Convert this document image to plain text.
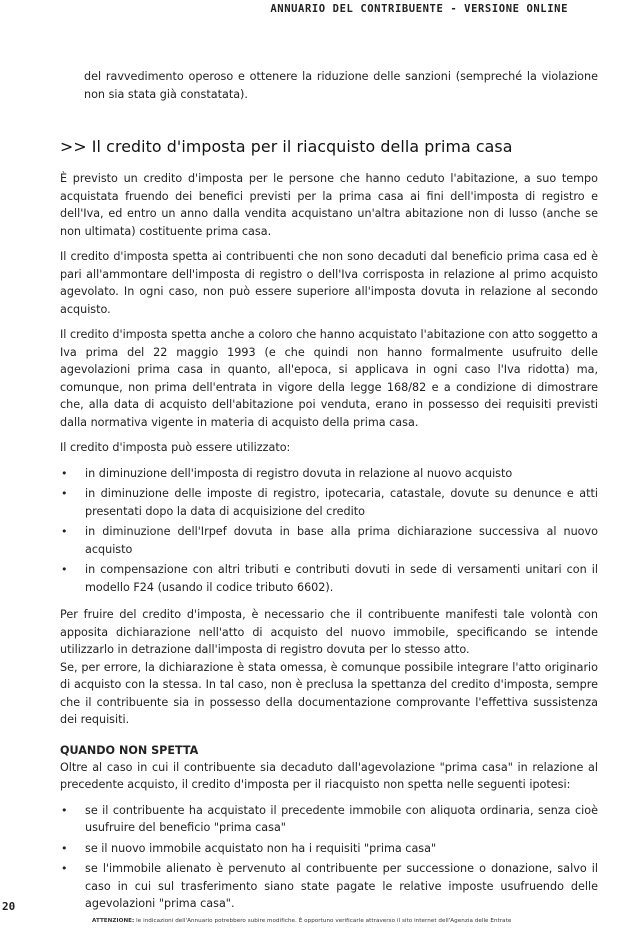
ANNUARIO DEL CONTRIBUENTE - VERSIONE ONLINE

del ravvedimento operoso e ottenere la riduzione delle sanzioni (sempreché la violazione non sia stata già constatata).

>> Il credito d'imposta per il riacquisto della prima casa

È previsto un credito d'imposta per le persone che hanno ceduto l'abitazione, a suo tempo acquistata fruendo dei benefici previsti per la prima casa ai fini dell'imposta di registro e dell'Iva, ed entro un anno dalla vendita acquistano un'altra abitazione non di lusso (anche se non ultimata) costituente prima casa.

Il credito d'imposta spetta ai contribuenti che non sono decaduti dal beneficio prima casa ed è pari all'ammontare dell'imposta di registro o dell'Iva corrisposta in relazione al primo acquisto agevolato. In ogni caso, non può essere superiore all'imposta dovuta in relazione al secondo acquisto.

Il credito d'imposta spetta anche a coloro che hanno acquistato l'abitazione con atto soggetto a Iva prima del 22 maggio 1993 (e che quindi non hanno formalmente usufruito delle agevolazioni prima casa in quanto, all'epoca, si applicava in ogni caso l'Iva ridotta) ma, comunque, non prima dell'entrata in vigore della legge 168/82 e a condizione di dimostrare che, alla data di acquisto dell'abitazione poi venduta, erano in possesso dei requisiti previsti dalla normativa vigente in materia di acquisto della prima casa.

Il credito d'imposta può essere utilizzato:

• in diminuzione dell'imposta di registro dovuta in relazione al nuovo acquisto
• in diminuzione delle imposte di registro, ipotecaria, catastale, dovute su denunce e atti presentati dopo la data di acquisizione del credito
• in diminuzione dell'Irpef dovuta in base alla prima dichiarazione successiva al nuovo acquisto
• in compensazione con altri tributi e contributi dovuti in sede di versamenti unitari con il modello F24 (usando il codice tributo 6602).

Per fruire del credito d'imposta, è necessario che il contribuente manifesti tale volontà con apposita dichiarazione nell'atto di acquisto del nuovo immobile, specificando se intende utilizzarlo in detrazione dall'imposta di registro dovuta per lo stesso atto.

Se, per errore, la dichiarazione è stata omessa, è comunque possibile integrare l'atto originario di acquisto con la stessa. In tal caso, non è preclusa la spettanza del credito d'imposta, sempre che il contribuente sia in possesso della documentazione comprovante l'effettiva sussistenza dei requisiti.

QUANDO NON SPETTA

Oltre al caso in cui il contribuente sia decaduto dall'agevolazione "prima casa" in relazione al precedente acquisto, il credito d'imposta per il riacquisto non spetta nelle seguenti ipotesi:

• se il contribuente ha acquistato il precedente immobile con aliquota ordinaria, senza cioè usufruire del beneficio "prima casa"
• se il nuovo immobile acquistato non ha i requisiti "prima casa"
• se l'immobile alienato è pervenuto al contribuente per successione o donazione, salvo il caso in cui sul trasferimento siano state pagate le relative imposte usufruendo delle agevolazioni "prima casa".
20
ATTENZIONE: le indicazioni dell'Annuario potrebbero subire modifiche. È opportuno verificarle attraverso il sito internet dell'Agenzia delle Entrate
